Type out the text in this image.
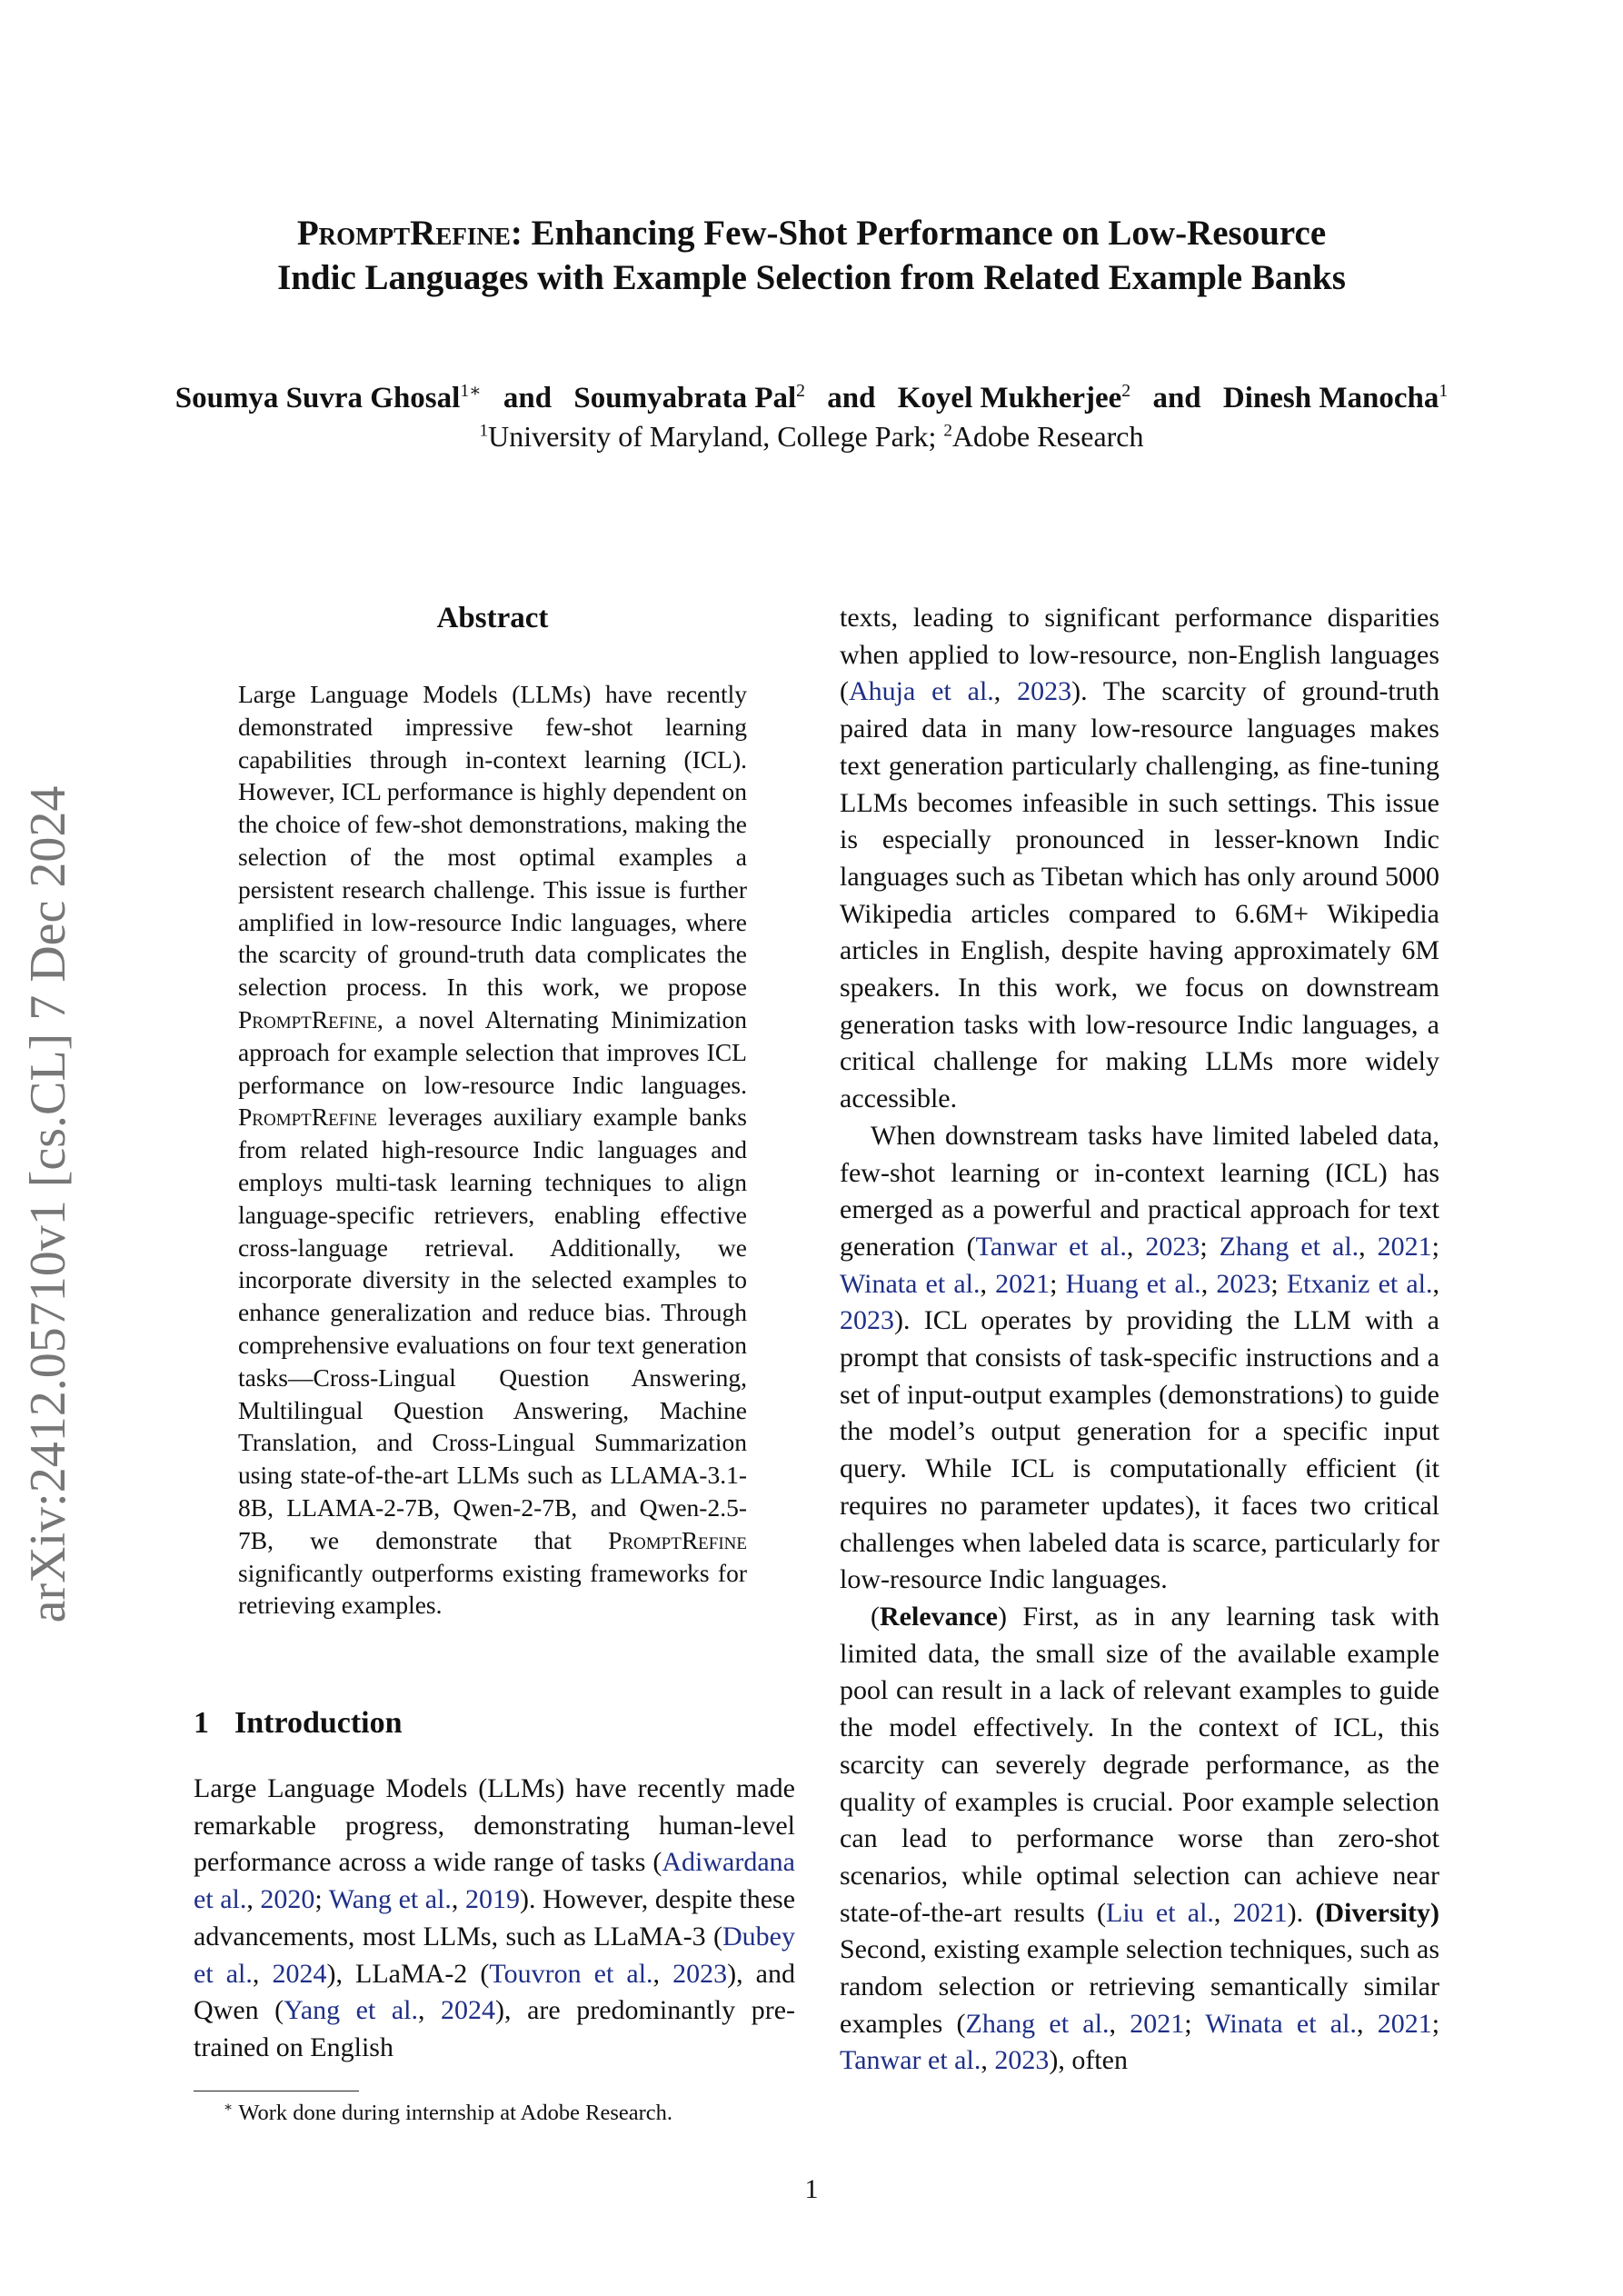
PromptRefine: Enhancing Few-Shot Performance on Low-Resource
Indic Languages with Example Selection from Related Example Banks
Soumya Suvra Ghosal$^{1∗}$ and Soumyabrata Pal$^2$ and Koyel Mukherjee$^2$ and Dinesh Manocha$^1$
$^1$University of Maryland, College Park; $^2$Adobe Research
arXiv:2412.05710v1 [cs.CL] 7 Dec 2024
Abstract
Large Language Models (LLMs) have recently demonstrated impressive few-shot learning capabilities through in-context learning (ICL). However, ICL performance is highly dependent on the choice of few-shot demonstrations, making the selection of the most optimal examples a persistent research challenge. This issue is further amplified in low-resource Indic languages, where the scarcity of ground-truth data complicates the selection process. In this work, we propose PromptRefine, a novel Alternating Minimization approach for example selection that improves ICL performance on low-resource Indic languages. PromptRefine leverages auxiliary example banks from related high-resource Indic languages and employs multi-task learning techniques to align language-specific retrievers, enabling effective cross-language retrieval. Additionally, we incorporate diversity in the selected examples to enhance generalization and reduce bias. Through comprehensive evaluations on four text generation tasks—Cross-Lingual Question Answering, Multilingual Question Answering, Machine Translation, and Cross-Lingual Summarization using state-of-the-art LLMs such as LLAMA-3.1-8B, LLAMA-2-7B, Qwen-2-7B, and Qwen-2.5-7B, we demonstrate that PromptRefine significantly outperforms existing frameworks for retrieving examples.
1 Introduction
Large Language Models (LLMs) have recently made remarkable progress, demonstrating human-level performance across a wide range of tasks (Adiwardana et al., 2020; Wang et al., 2019). However, despite these advancements, most LLMs, such as LLaMA-3 (Dubey et al., 2024), LLaMA-2 (Touvron et al., 2023), and Qwen (Yang et al., 2024), are predominantly pre-trained on English
∗ Work done during internship at Adobe Research.

texts, leading to significant performance disparities when applied to low-resource, non-English languages (Ahuja et al., 2023). The scarcity of ground-truth paired data in many low-resource languages makes text generation particularly challenging, as fine-tuning LLMs becomes infeasible in such settings. This issue is especially pronounced in lesser-known Indic languages such as Tibetan which has only around 5000 Wikipedia articles compared to 6.6M+ Wikipedia articles in English, despite having approximately 6M speakers. In this work, we focus on downstream generation tasks with low-resource Indic languages, a critical challenge for making LLMs more widely accessible.

When downstream tasks have limited labeled data, few-shot learning or in-context learning (ICL) has emerged as a powerful and practical approach for text generation (Tanwar et al., 2023; Zhang et al., 2021; Winata et al., 2021; Huang et al., 2023; Etxaniz et al., 2023). ICL operates by providing the LLM with a prompt that consists of task-specific instructions and a set of input-output examples (demonstrations) to guide the model’s output generation for a specific input query. While ICL is computationally efficient (it requires no parameter updates), it faces two critical challenges when labeled data is scarce, particularly for low-resource Indic languages.

(Relevance) First, as in any learning task with limited data, the small size of the available example pool can result in a lack of relevant examples to guide the model effectively. In the context of ICL, this scarcity can severely degrade performance, as the quality of examples is crucial. Poor example selection can lead to performance worse than zero-shot scenarios, while optimal selection can achieve near state-of-the-art results (Liu et al., 2021). (Diversity) Second, existing example selection techniques, such as random selection or retrieving semantically similar examples (Zhang et al., 2021; Winata et al., 2021; Tanwar et al., 2023), often

1
